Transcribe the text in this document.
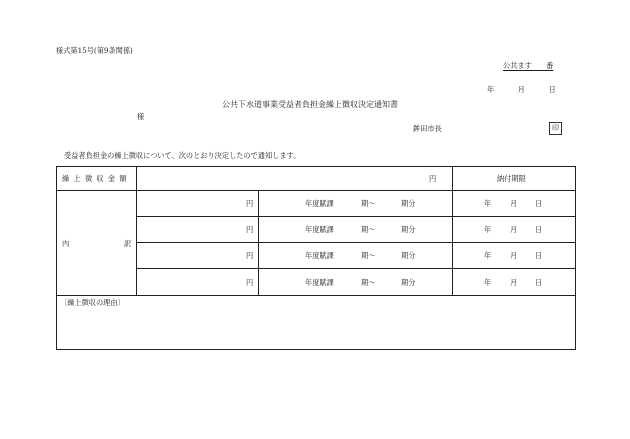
様式第15号(第9条関係)
公共ます　　番
年　　　月　　　日
公共下水道事業受益者負担金繰上徴収決定通知書
様
鉾田市長	印
受益者負担金の繰上徴収について、次のとおり決定したので通知します。
繰 上 徴 収 金 額	円	納付期限
内	訳
円	年度賦課	期〜	期分	年	月 日
円	年度賦課	期〜	期分	年	月 日
円	年度賦課	期〜	期分	年	月 日
円	年度賦課	期〜	期分	年	月 日
〔繰上徴収の理由〕
